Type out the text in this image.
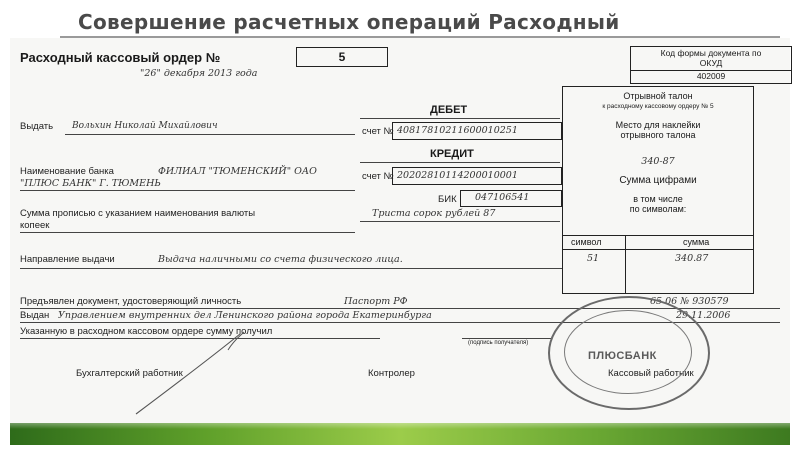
Совершение расчетных операций Расходный
Расходный кассовый ордер №	5
"26" декабря 2013 года
Код формы документа по ОКУД
402009
ДЕБЕТ
Отрывной талон
к расходному кассовому ордеру № 5
Место для наклейки
отрывного талона
340-87
Сумма цифрами
в том числе
по символам:
символ	сумма
51	340.87
Выдать Вольхин Николай Михайлович	счет № 40817810211600010251
КРЕДИТ
Наименование банка	ФИЛИАЛ "ТЮМЕНСКИЙ" ОАО
"ПЛЮС БАНК" Г. ТЮМЕНЬ
счет № 20202810114200010001
БИК 047106541
Сумма прописью с указанием наименования валюты
копеек
Триста сорок рублей 87
Направление выдачи	Выдача наличными со счета физического лица.
Предъявлен документ, удостоверяющий личность	Паспорт РФ	65 06 № 930579
Выдан Управлением внутренних дел Ленинского района города Екатеринбурга	29.11.2006
Указанную в расходном кассовом ордере сумму получил
(подпись получателя)
Бухгалтерский работник	Контролер	Кассовый работник
ПЛЮСБАНК
